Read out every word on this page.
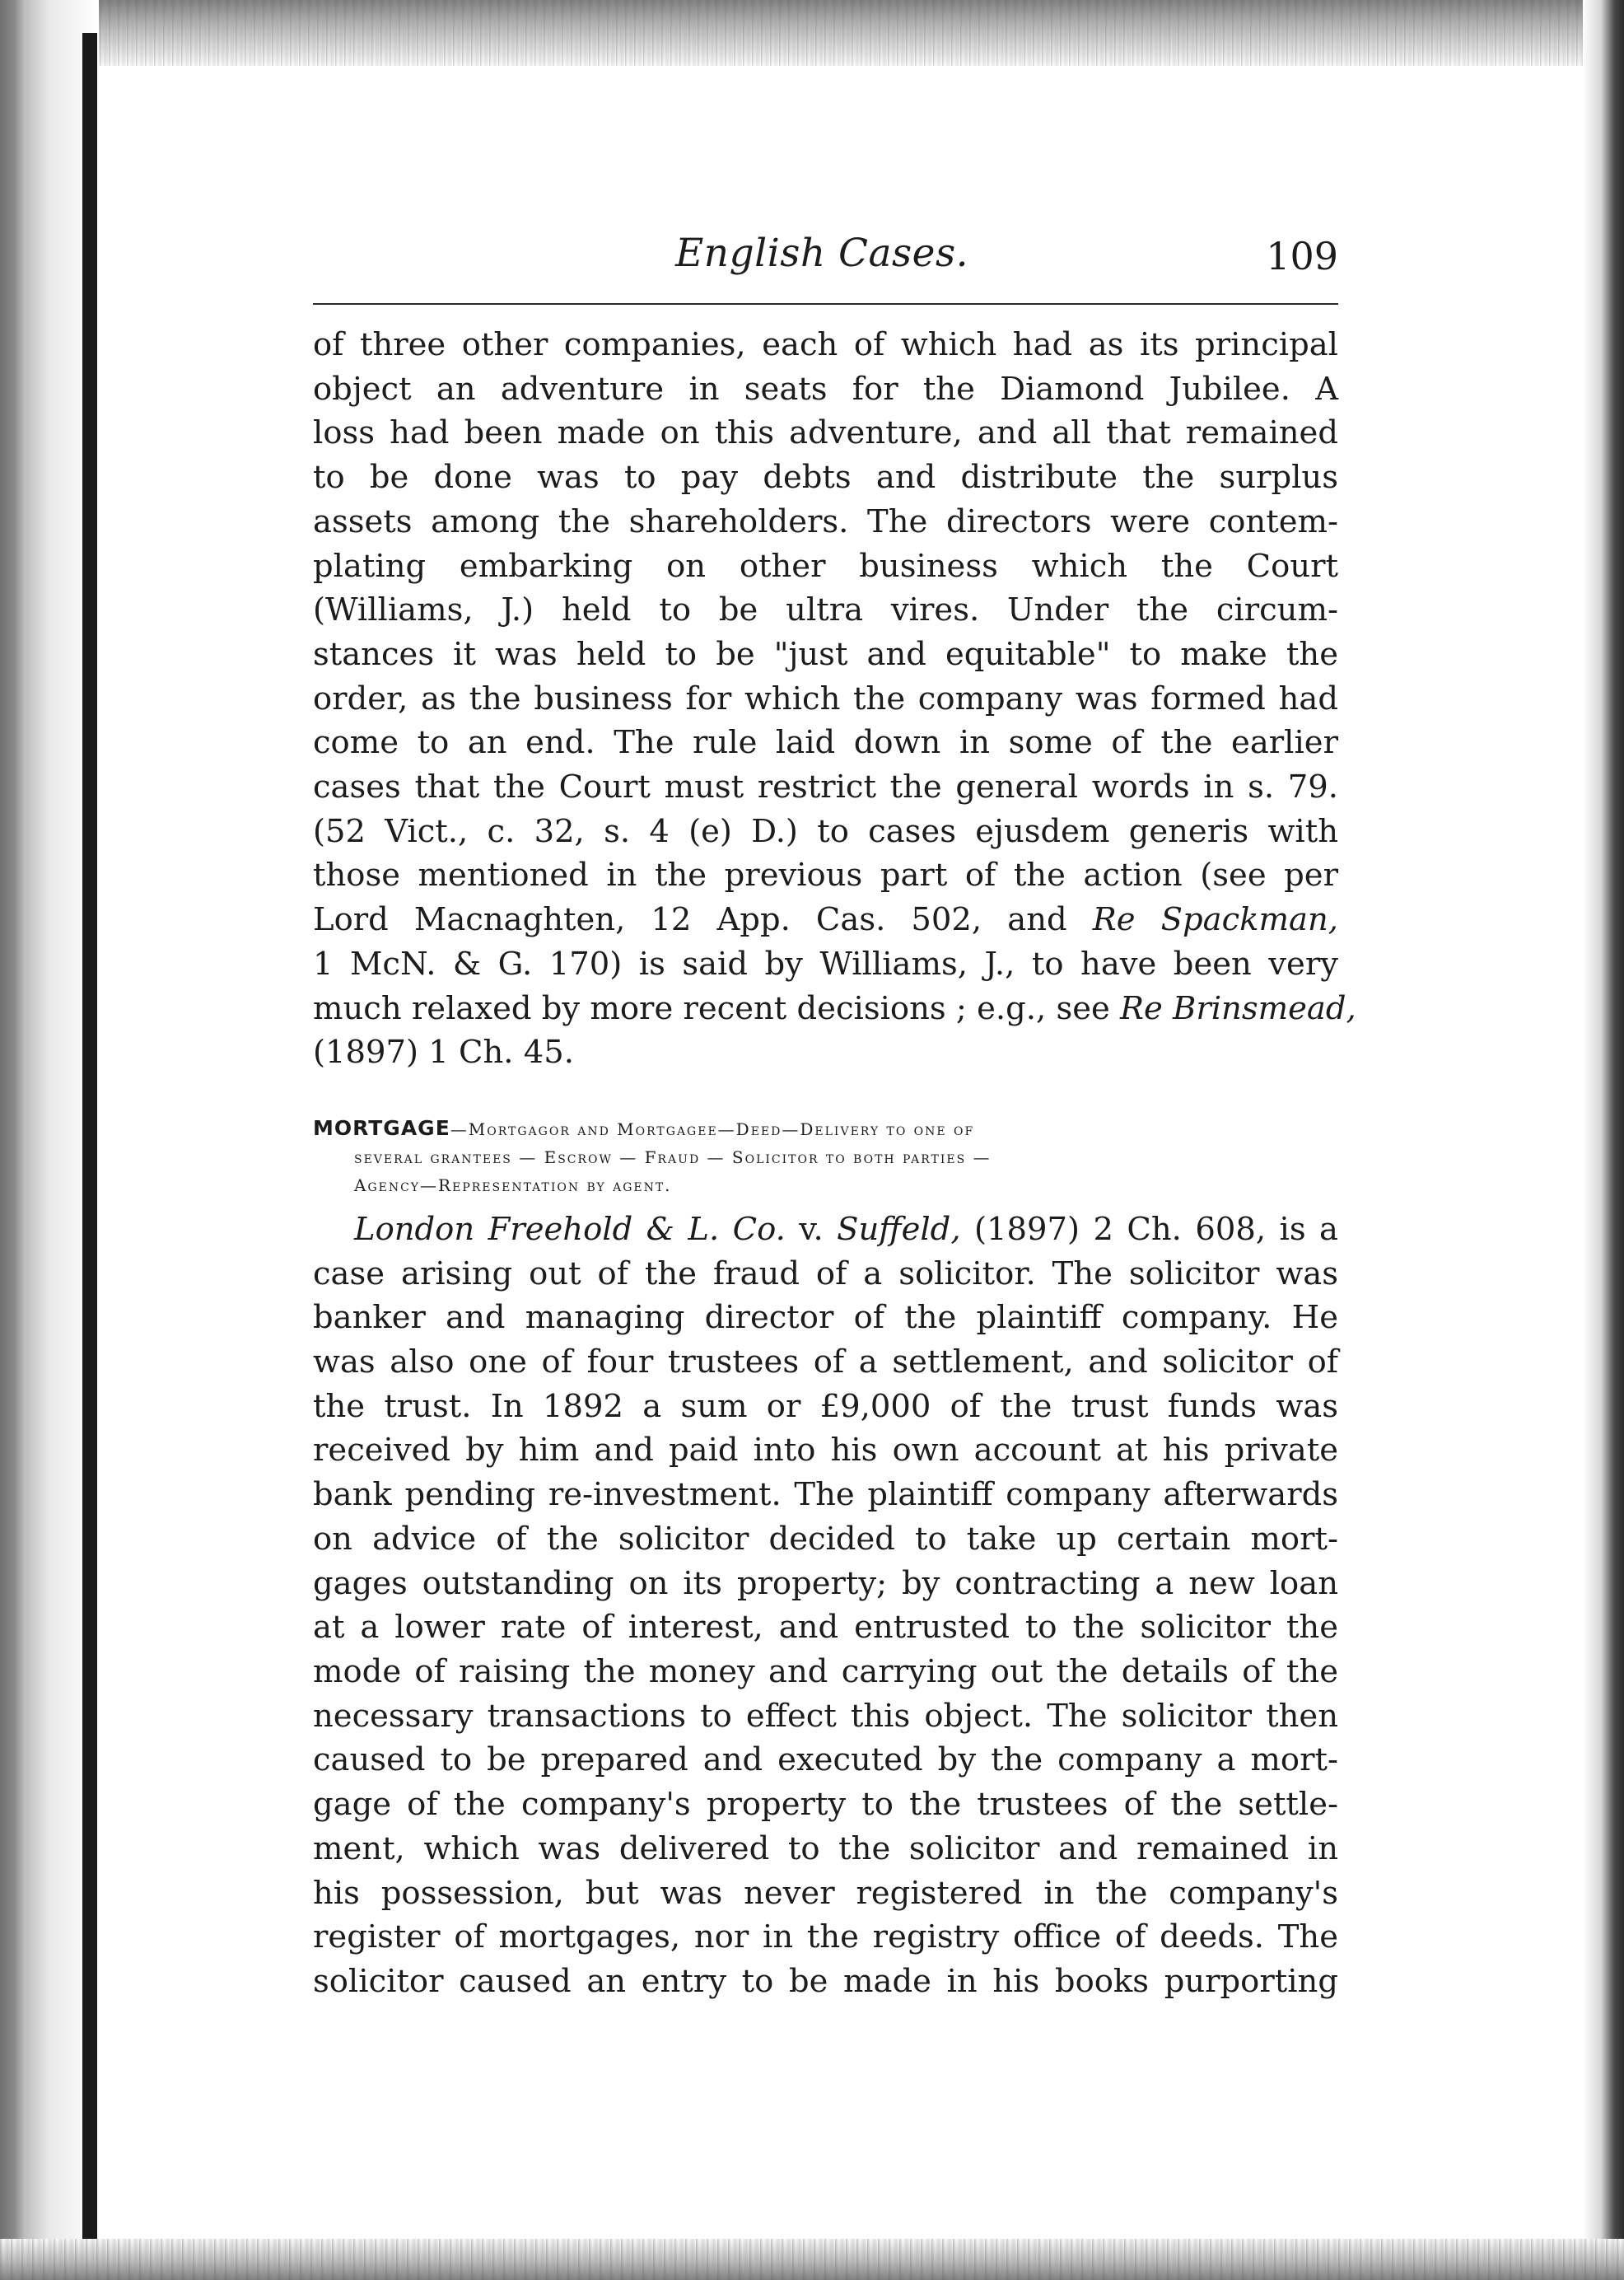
English Cases.	109

of three other companies, each of which had as its principal
object an adventure in seats for the Diamond Jubilee. A
loss had been made on this adventure, and all that remained
to be done was to pay debts and distribute the surplus
assets among the shareholders. The directors were contem-
plating embarking on other business which the Court
(Williams, J.) held to be ultra vires. Under the circum-
stances it was held to be "just and equitable" to make the
order, as the business for which the company was formed had
come to an end. The rule laid down in some of the earlier
cases that the Court must restrict the general words in s. 79.
(52 Vict., c. 32, s. 4 (e) D.) to cases ejusdem generis with
those mentioned in the previous part of the action (see per
Lord Macnaghten, 12 App. Cas. 502, and Re Spackman,
1 McN. & G. 170) is said by Williams, J., to have been very
much relaxed by more recent decisions ; e.g., see Re Brinsmead,
(1897) 1 Ch. 45.

MORTGAGE—Mortgagor and Mortgagee—Deed—Delivery to one of
several grantees — Escrow — Fraud — Solicitor to both parties —
Agency—Representation by agent.

London Freehold & L. Co. v. Suffeld, (1897) 2 Ch. 608, is a
case arising out of the fraud of a solicitor. The solicitor was
banker and managing director of the plaintiff company. He
was also one of four trustees of a settlement, and solicitor of
the trust. In 1892 a sum or £9,000 of the trust funds was
received by him and paid into his own account at his private
bank pending re-investment. The plaintiff company afterwards
on advice of the solicitor decided to take up certain mort-
gages outstanding on its property; by contracting a new loan
at a lower rate of interest, and entrusted to the solicitor the
mode of raising the money and carrying out the details of the
necessary transactions to effect this object. The solicitor then
caused to be prepared and executed by the company a mort-
gage of the company's property to the trustees of the settle-
ment, which was delivered to the solicitor and remained in
his possession, but was never registered in the company's
register of mortgages, nor in the registry office of deeds. The
solicitor caused an entry to be made in his books purporting
